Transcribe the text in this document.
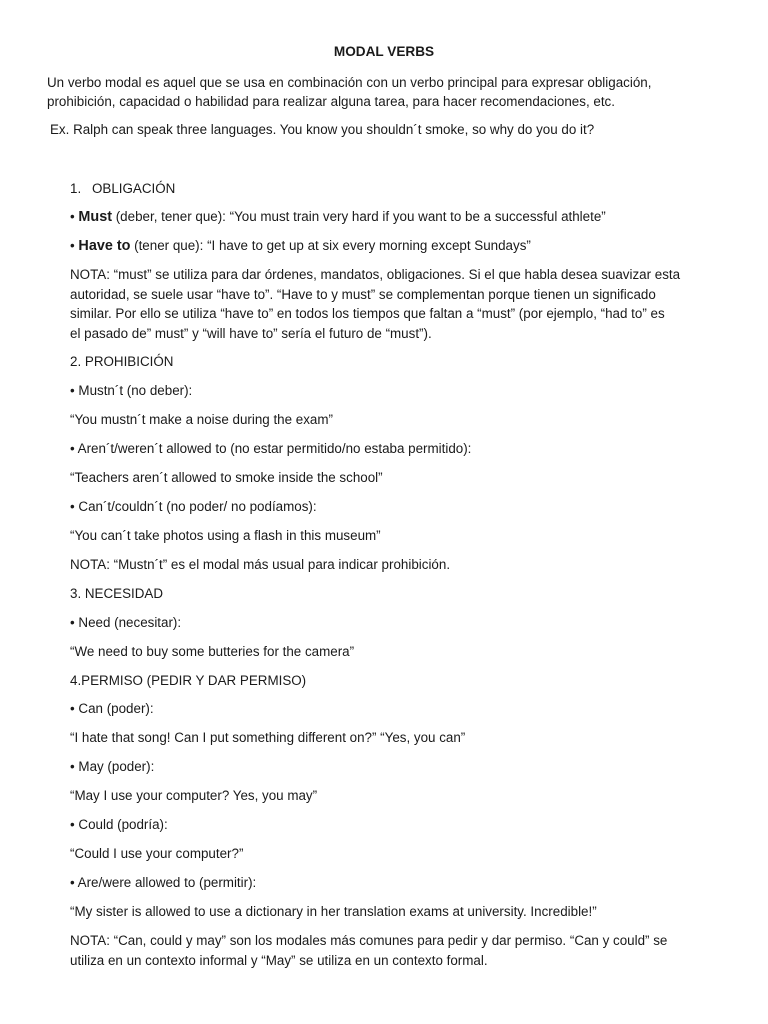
MODAL VERBS
Un verbo modal es aquel que se usa en combinación con un verbo principal para expresar obligación,
prohibición, capacidad o habilidad para realizar alguna tarea, para hacer recomendaciones, etc.
Ex. Ralph can speak three languages. You know you shouldn´t smoke, so why do you do it?
1. OBLIGACIÓN
• Must (deber, tener que): “You must train very hard if you want to be a successful athlete”
• Have to (tener que): “I have to get up at six every morning except Sundays”
NOTA: “must” se utiliza para dar órdenes, mandatos, obligaciones. Si el que habla desea suavizar esta
autoridad, se suele usar “have to”. “Have to y must” se complementan porque tienen un significado
similar. Por ello se utiliza “have to” en todos los tiempos que faltan a “must” (por ejemplo, “had to” es
el pasado de” must” y “will have to” sería el futuro de “must”).
2. PROHIBICIÓN
• Mustn´t (no deber):
“You mustn´t make a noise during the exam”
• Aren´t/weren´t allowed to (no estar permitido/no estaba permitido):
“Teachers aren´t allowed to smoke inside the school”
• Can´t/couldn´t (no poder/ no podíamos):
“You can´t take photos using a flash in this museum”
NOTA: “Mustn´t” es el modal más usual para indicar prohibición.
3. NECESIDAD
• Need (necesitar):
“We need to buy some butteries for the camera”
4.PERMISO (PEDIR Y DAR PERMISO)
• Can (poder):
“I hate that song! Can I put something different on?” “Yes, you can”
• May (poder):
“May I use your computer? Yes, you may”
• Could (podría):
“Could I use your computer?”
• Are/were allowed to (permitir):
“My sister is allowed to use a dictionary in her translation exams at university. Incredible!”
NOTA: “Can, could y may” son los modales más comunes para pedir y dar permiso. “Can y could” se
utiliza en un contexto informal y “May” se utiliza en un contexto formal.
